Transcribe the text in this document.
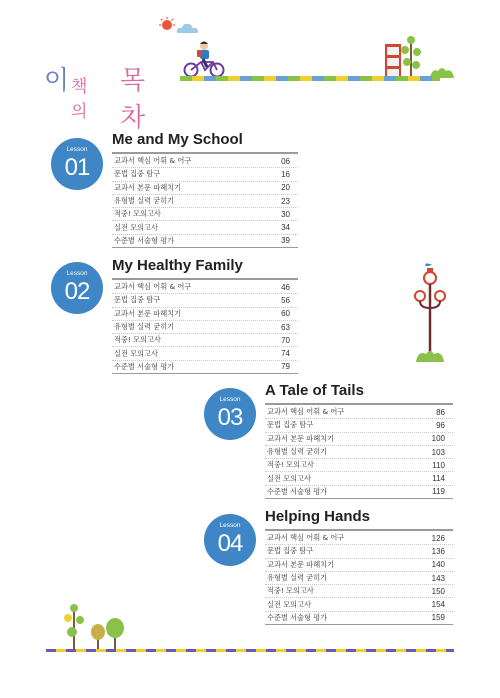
이 책의
목차
Lesson
01
Me and My School
교과서 핵심 어휘 & 어구	06
문법 집중 탐구	16
교과서 본문 파헤치기	20
유형별 실력 굳히기	23
적중! 모의고사	30
실전 모의고사	34
수준별 서술형 평가	39
Lesson
02
My Healthy Family
교과서 핵심 어휘 & 어구	46
문법 집중 탐구	56
교과서 본문 파헤치기	60
유형별 실력 굳히기	63
적중! 모의고사	70
실전 모의고사	74
수준별 서술형 평가	79
Lesson
03
A Tale of Tails
교과서 핵심 어휘 & 어구	86
문법 집중 탐구	96
교과서 본문 파헤치기	100
유형별 실력 굳히기	103
적중! 모의고사	110
실전 모의고사	114
수준별 서술형 평가	119
Lesson
04
Helping Hands
교과서 핵심 어휘 & 어구	126
문법 집중 탐구	136
교과서 본문 파헤치기	140
유형별 실력 굳히기	143
적중! 모의고사	150
실전 모의고사	154
수준별 서술형 평가	159
